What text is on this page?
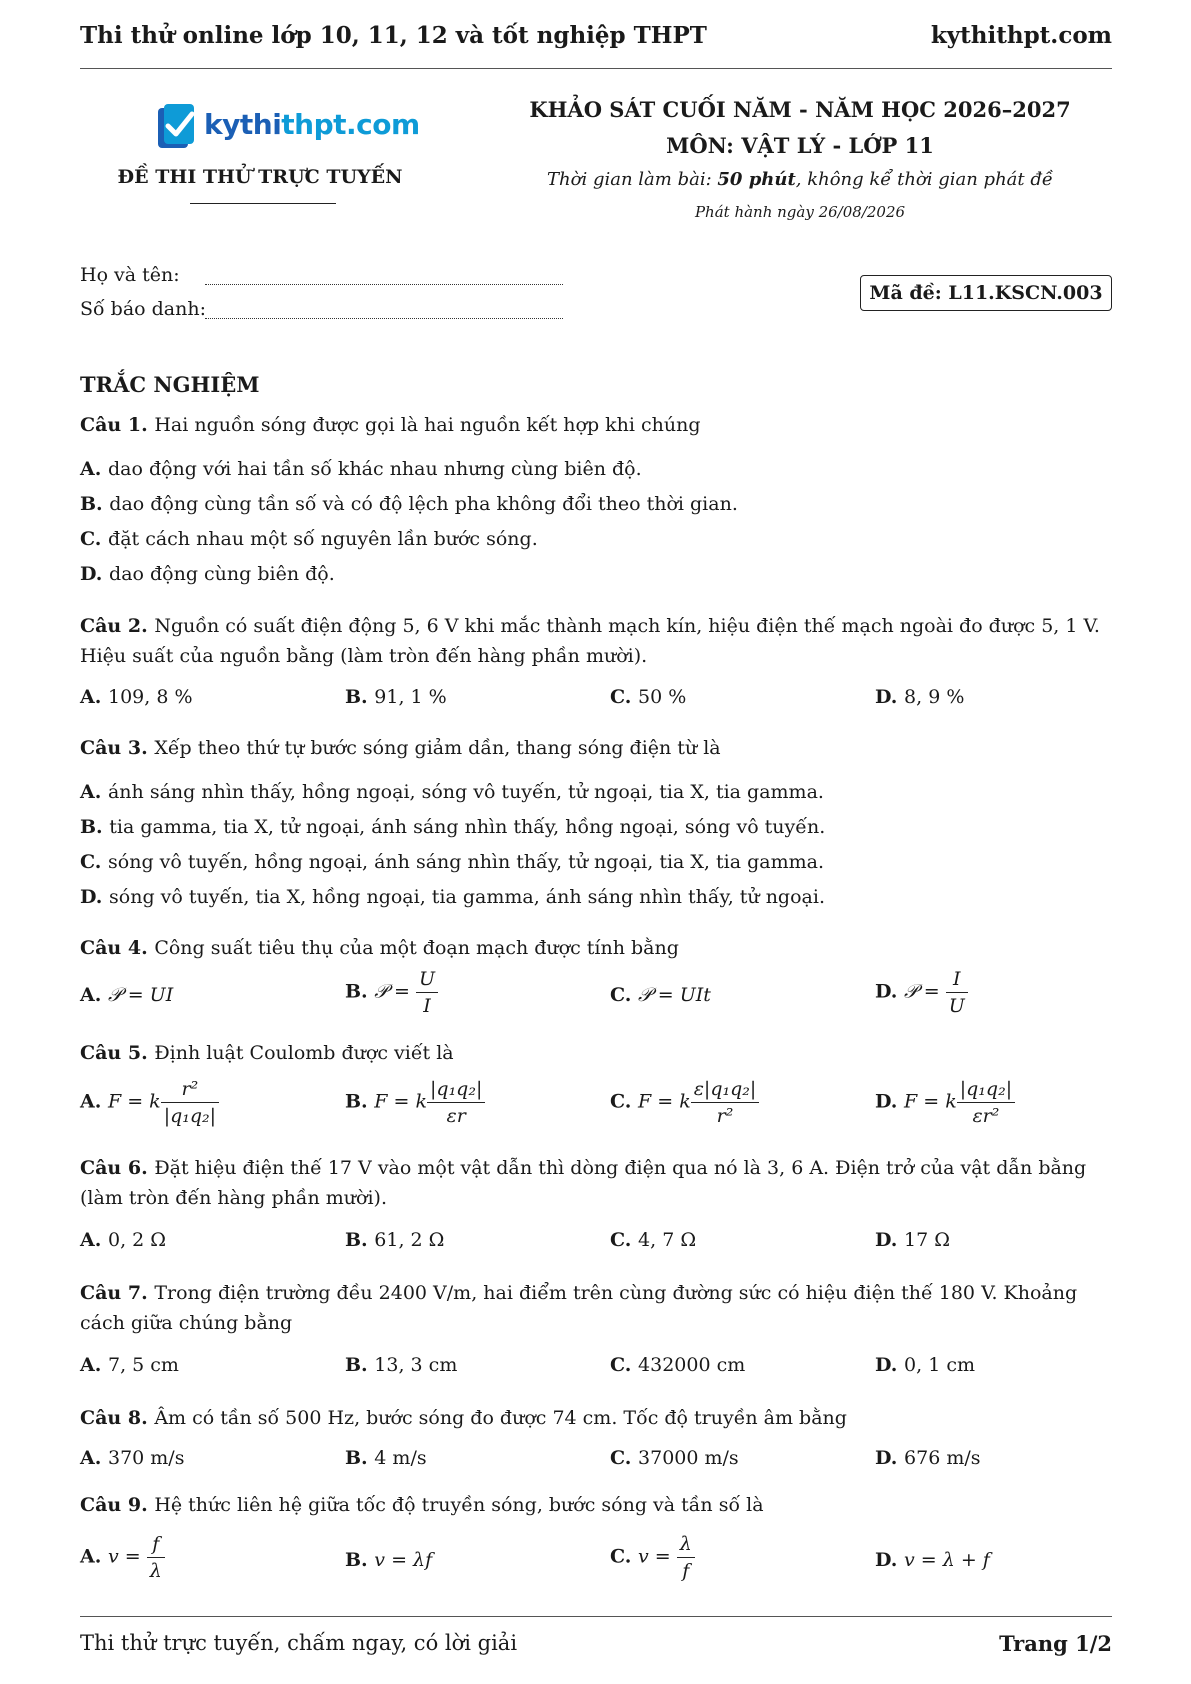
Thi thử online lớp 10, 11, 12 và tốt nghiệp THPT	kythithpt.com
kythithpt.com
ĐỀ THI THỬ TRỰC TUYẾN
KHẢO SÁT CUỐI NĂM - NĂM HỌC 2026–2027
MÔN: VẬT LÝ - LỚP 11
Thời gian làm bài: 50 phút, không kể thời gian phát đề
Phát hành ngày 26/08/2026
Họ và tên:
Số báo danh:
Mã đề: L11.KSCN.003
TRẮC NGHIỆM
Câu 1. Hai nguồn sóng được gọi là hai nguồn kết hợp khi chúng
A. dao động với hai tần số khác nhau nhưng cùng biên độ.
B. dao động cùng tần số và có độ lệch pha không đổi theo thời gian.
C. đặt cách nhau một số nguyên lần bước sóng.
D. dao động cùng biên độ.
Câu 2. Nguồn có suất điện động 5, 6 V khi mắc thành mạch kín, hiệu điện thế mạch ngoài đo được 5, 1 V. Hiệu suất của nguồn bằng (làm tròn đến hàng phần mười).
A. 109, 8 %	B. 91, 1 %	C. 50 %	D. 8, 9 %
Câu 3. Xếp theo thứ tự bước sóng giảm dần, thang sóng điện từ là
A. ánh sáng nhìn thấy, hồng ngoại, sóng vô tuyến, tử ngoại, tia X, tia gamma.
B. tia gamma, tia X, tử ngoại, ánh sáng nhìn thấy, hồng ngoại, sóng vô tuyến.
C. sóng vô tuyến, hồng ngoại, ánh sáng nhìn thấy, tử ngoại, tia X, tia gamma.
D. sóng vô tuyến, tia X, hồng ngoại, tia gamma, ánh sáng nhìn thấy, tử ngoại.
Câu 4. Công suất tiêu thụ của một đoạn mạch được tính bằng
A. 𝒫 = UI	B. 𝒫 = $\frac{U}{I}$	C. 𝒫 = UIt	D. 𝒫 = $\frac{I}{U}$
Câu 5. Định luật Coulomb được viết là
A. F = k $\frac{\text{r²}}{\text{|q₁q₂|}}$	B. F = k $\frac{\text{|q₁q₂|}}{\varepsilon r}$	C. F = k $\frac{\text{ε|q₁q₂|}}{\text{r²}}$	D. F = k $\frac{\text{|q₁q₂|}}{\text{εr²}}$
Câu 6. Đặt hiệu điện thế 17 V vào một vật dẫn thì dòng điện qua nó là 3, 6 A. Điện trở của vật dẫn bằng (làm tròn đến hàng phần mười).
A. 0, 2 Ω	B. 61, 2 Ω	C. 4, 7 Ω	D. 17 Ω
Câu 7. Trong điện trường đều 2400 V/m, hai điểm trên cùng đường sức có hiệu điện thế 180 V. Khoảng cách giữa chúng bằng
A. 7, 5 cm	B. 13, 3 cm	C. 432000 cm	D. 0, 1 cm
Câu 8. Âm có tần số 500 Hz, bước sóng đo được 74 cm. Tốc độ truyền âm bằng
A. 370 m/s	B. 4 m/s	C. 37000 m/s	D. 676 m/s
Câu 9. Hệ thức liên hệ giữa tốc độ truyền sóng, bước sóng và tần số là
A. $v = \frac{f}{\lambda}$	B. v = λf	C. $v = \frac{\lambda}{f}$	D. v = λ + f
Thi thử trực tuyến, chấm ngay, có lời giải	Trang 1/2
